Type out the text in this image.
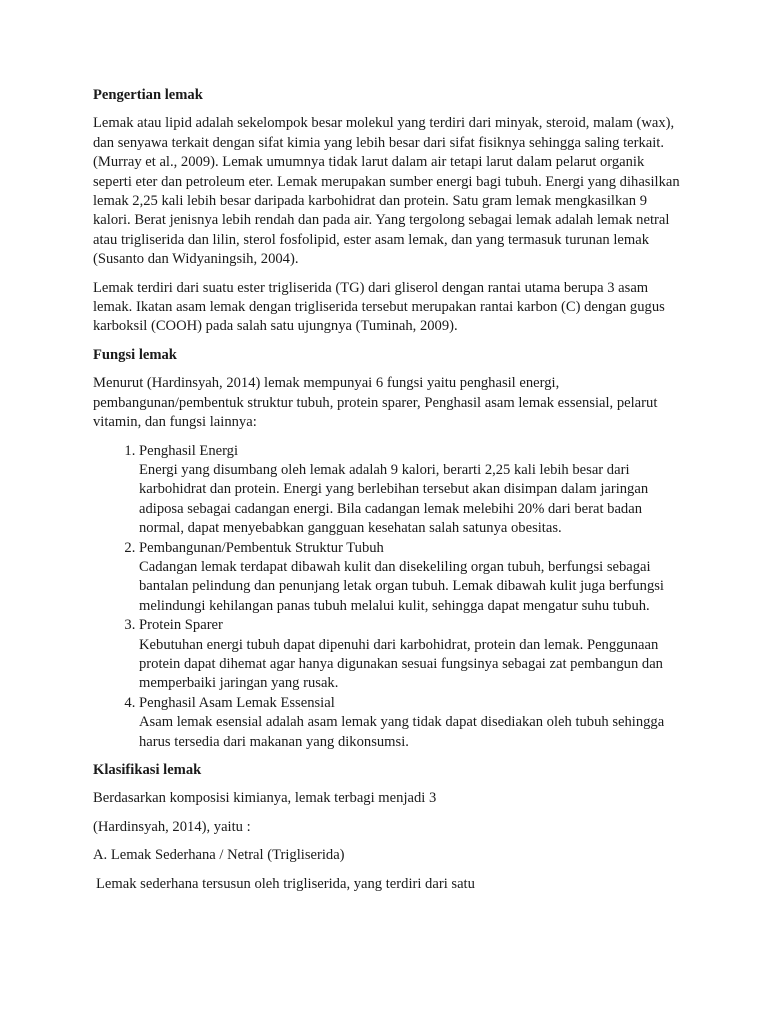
Pengertian lemak

Lemak atau lipid adalah sekelompok besar molekul yang terdiri dari minyak, steroid, malam (wax), dan senyawa terkait dengan sifat kimia yang lebih besar dari sifat fisiknya sehingga saling terkait. (Murray et al., 2009). Lemak umumnya tidak larut dalam air tetapi larut dalam pelarut organik seperti eter dan petroleum eter. Lemak merupakan sumber energi bagi tubuh. Energi yang dihasilkan lemak 2,25 kali lebih besar daripada karbohidrat dan protein. Satu gram lemak mengkasilkan 9 kalori. Berat jenisnya lebih rendah dan pada air. Yang tergolong sebagai lemak adalah lemak netral atau trigliserida dan lilin, sterol fosfolipid, ester asam lemak, dan yang termasuk turunan lemak (Susanto dan Widyaningsih, 2004).

Lemak terdiri dari suatu ester trigliserida (TG) dari gliserol dengan rantai utama berupa 3 asam lemak. Ikatan asam lemak dengan trigliserida tersebut merupakan rantai karbon (C) dengan gugus karboksil (COOH) pada salah satu ujungnya (Tuminah, 2009).

Fungsi lemak

Menurut (Hardinsyah, 2014) lemak mempunyai 6 fungsi yaitu penghasil energi, pembangunan/pembentuk struktur tubuh, protein sparer, Penghasil asam lemak essensial, pelarut vitamin, dan fungsi lainnya:

1. Penghasil Energi
Energi yang disumbang oleh lemak adalah 9 kalori, berarti 2,25 kali lebih besar dari karbohidrat dan protein. Energi yang berlebihan tersebut akan disimpan dalam jaringan adiposa sebagai cadangan energi. Bila cadangan lemak melebihi 20% dari berat badan normal, dapat menyebabkan gangguan kesehatan salah satunya obesitas.
2. Pembangunan/Pembentuk Struktur Tubuh
Cadangan lemak terdapat dibawah kulit dan disekeliling organ tubuh, berfungsi sebagai bantalan pelindung dan penunjang letak organ tubuh. Lemak dibawah kulit juga berfungsi melindungi kehilangan panas tubuh melalui kulit, sehingga dapat mengatur suhu tubuh.
3. Protein Sparer
Kebutuhan energi tubuh dapat dipenuhi dari karbohidrat, protein dan lemak. Penggunaan protein dapat dihemat agar hanya digunakan sesuai fungsinya sebagai zat pembangun dan memperbaiki jaringan yang rusak.
4. Penghasil Asam Lemak Essensial
Asam lemak esensial adalah asam lemak yang tidak dapat disediakan oleh tubuh sehingga harus tersedia dari makanan yang dikonsumsi.
Klasifikasi lemak

Berdasarkan komposisi kimianya, lemak terbagi menjadi 3

(Hardinsyah, 2014), yaitu :

A. Lemak Sederhana / Netral (Trigliserida)

Lemak sederhana tersusun oleh trigliserida, yang terdiri dari satu
